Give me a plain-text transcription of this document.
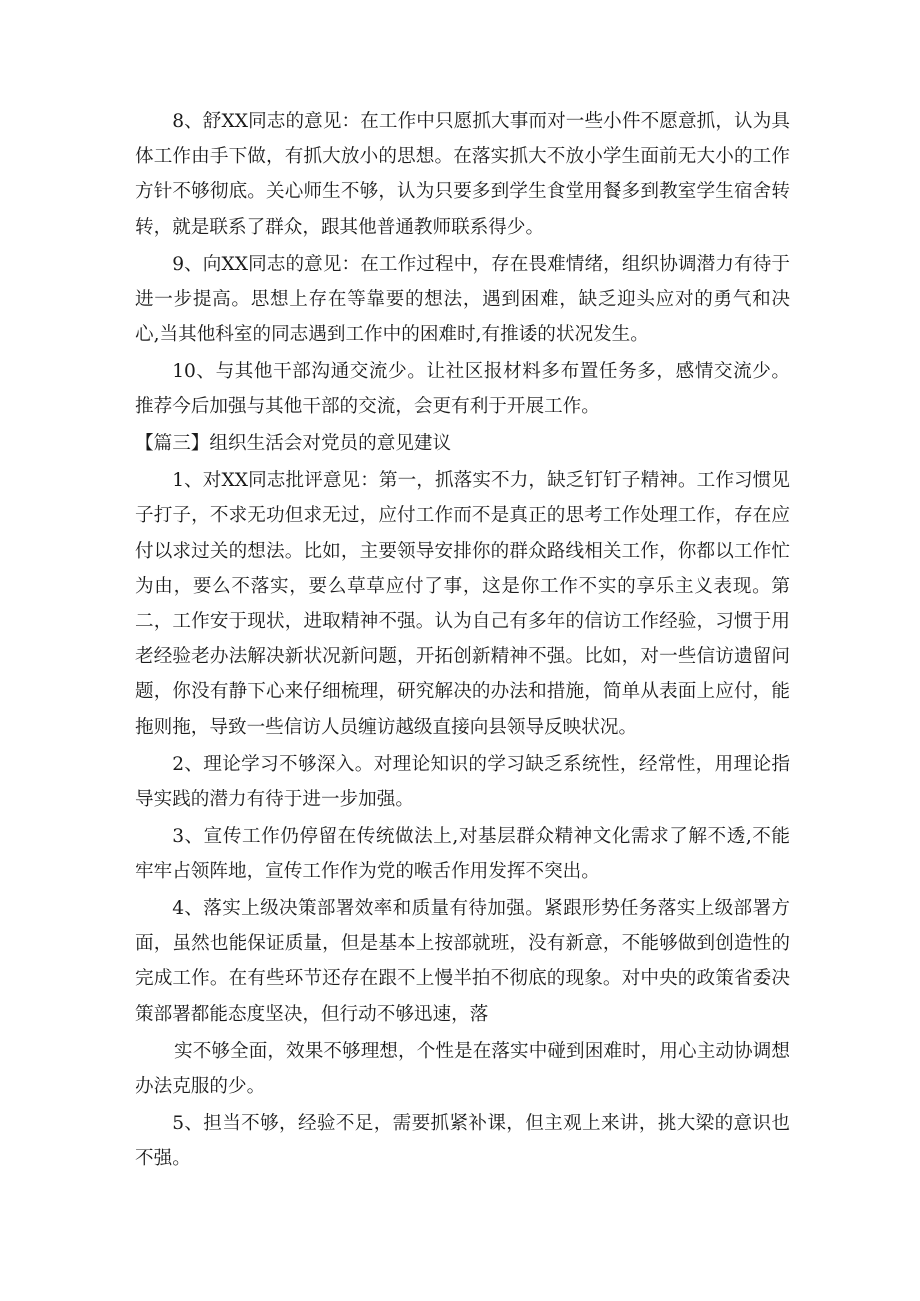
8、舒XX同志的意见：在工作中只愿抓大事而对一些小件不愿意抓，认为具体工作由手下做，有抓大放小的思想。在落实抓大不放小学生面前无大小的工作方针不够彻底。关心师生不够，认为只要多到学生食堂用餐多到教室学生宿舍转转，就是联系了群众，跟其他普通教师联系得少。

9、向XX同志的意见：在工作过程中，存在畏难情绪，组织协调潜力有待于进一步提高。思想上存在等靠要的想法，遇到困难，缺乏迎头应对的勇气和决心,当其他科室的同志遇到工作中的困难时,有推诿的状况发生。

10、与其他干部沟通交流少。让社区报材料多布置任务多，感情交流少。推荐今后加强与其他干部的交流，会更有利于开展工作。

【篇三】组织生活会对党员的意见建议

1、对XX同志批评意见：第一，抓落实不力，缺乏钉钉子精神。工作习惯见子打子，不求无功但求无过，应付工作而不是真正的思考工作处理工作，存在应付以求过关的想法。比如，主要领导安排你的群众路线相关工作，你都以工作忙为由，要么不落实，要么草草应付了事，这是你工作不实的享乐主义表现。第二，工作安于现状，进取精神不强。认为自己有多年的信访工作经验，习惯于用老经验老办法解决新状况新问题，开拓创新精神不强。比如，对一些信访遗留问题，你没有静下心来仔细梳理，研究解决的办法和措施，简单从表面上应付，能拖则拖，导致一些信访人员缠访越级直接向县领导反映状况。

2、理论学习不够深入。对理论知识的学习缺乏系统性，经常性，用理论指导实践的潜力有待于进一步加强。

3、宣传工作仍停留在传统做法上,对基层群众精神文化需求了解不透,不能牢牢占领阵地，宣传工作作为党的喉舌作用发挥不突出。

4、落实上级决策部署效率和质量有待加强。紧跟形势任务落实上级部署方面，虽然也能保证质量，但是基本上按部就班，没有新意，不能够做到创造性的完成工作。在有些环节还存在跟不上慢半拍不彻底的现象。对中央的政策省委决策部署都能态度坚决，但行动不够迅速，落

实不够全面，效果不够理想，个性是在落实中碰到困难时，用心主动协调想办法克服的少。

5、担当不够，经验不足，需要抓紧补课，但主观上来讲，挑大梁的意识也不强。
